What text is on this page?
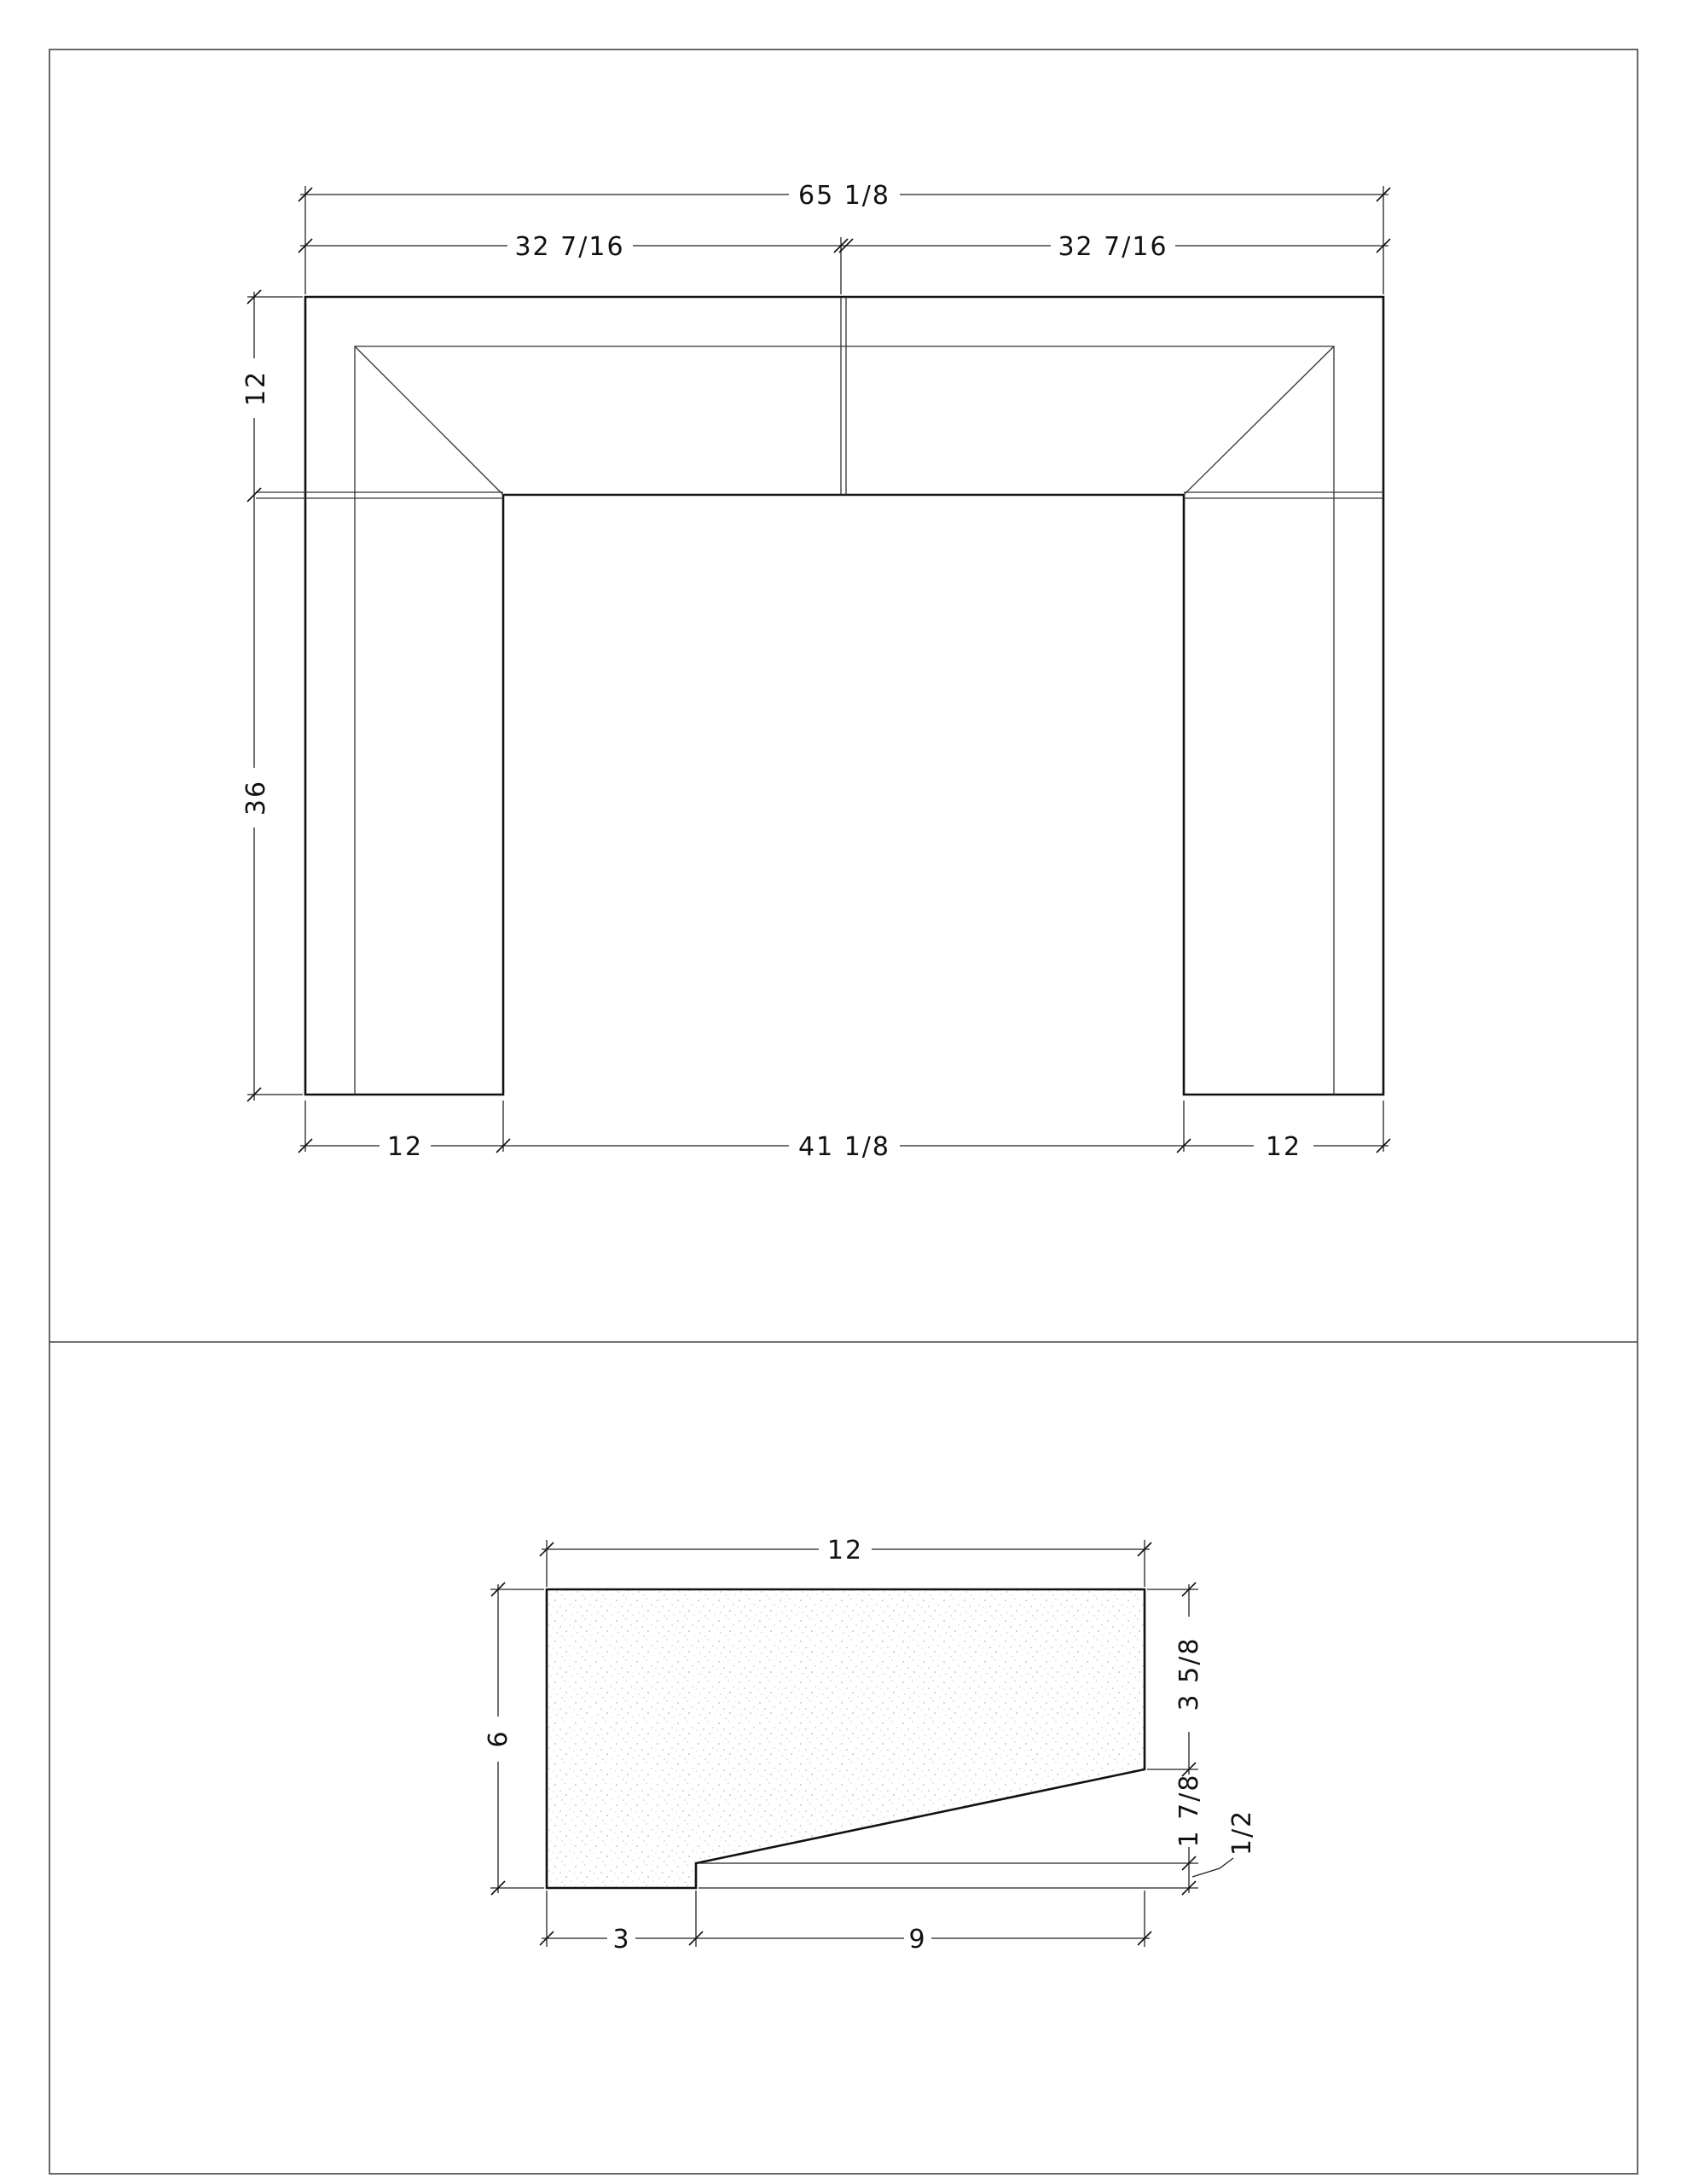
65 1/8
32 7/16	32 7/16
12
36
12	41 1/8	12
12
6
3 5/8
1 7/8 1/2
3	9
